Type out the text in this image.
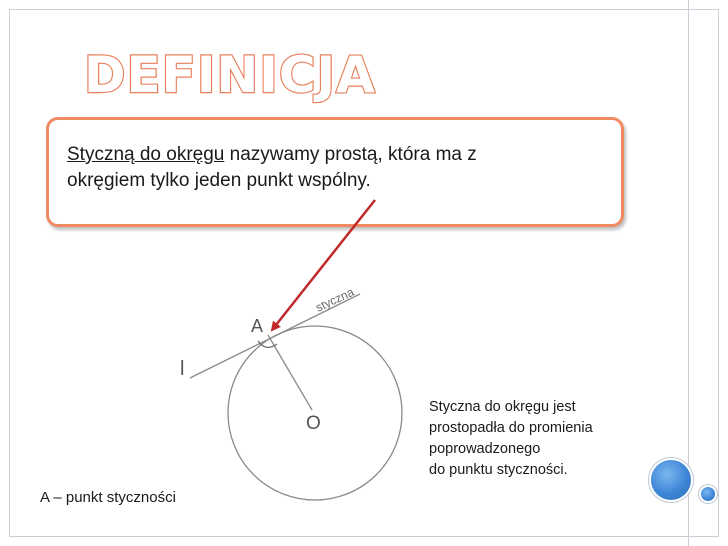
DEFINICJA
Styczną do okręgu nazywamy prostą, która ma z
okręgiem tylko jeden punkt wspólny.
A
l
O
styczna
Styczna do okręgu jest
prostopadła do promienia
poprowadzonego
do punktu styczności.
A – punkt styczności
